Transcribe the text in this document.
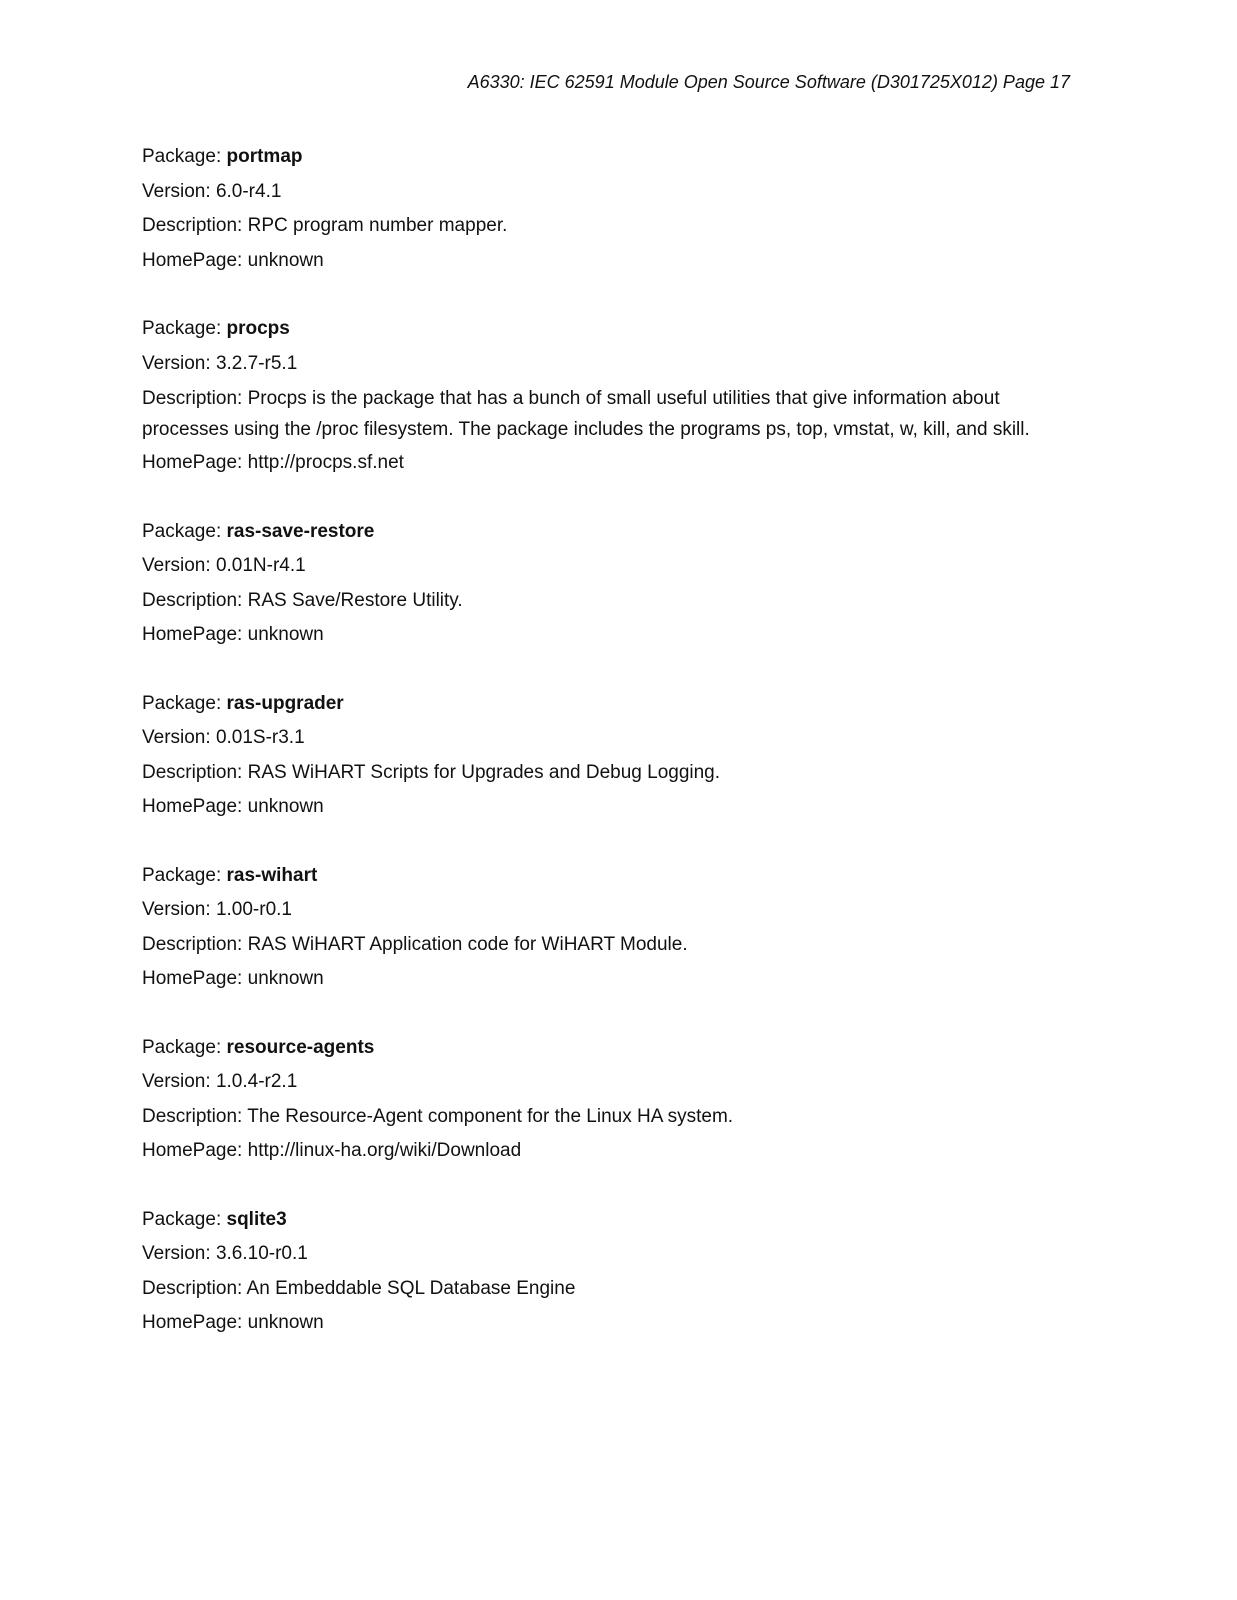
A6330: IEC 62591 Module Open Source Software (D301725X012) Page 17
Package: portmap
Version: 6.0-r4.1
Description: RPC program number mapper.
HomePage: unknown
Package: procps
Version: 3.2.7-r5.1
Description: Procps is the package that has a bunch of small useful utilities that give information about processes using the /proc filesystem. The package includes the programs ps, top, vmstat, w, kill, and skill.
HomePage: http://procps.sf.net
Package: ras-save-restore
Version: 0.01N-r4.1
Description: RAS Save/Restore Utility.
HomePage: unknown
Package: ras-upgrader
Version: 0.01S-r3.1
Description: RAS WiHART Scripts for Upgrades and Debug Logging.
HomePage: unknown
Package: ras-wihart
Version: 1.00-r0.1
Description: RAS WiHART Application code for WiHART Module.
HomePage: unknown
Package: resource-agents
Version: 1.0.4-r2.1
Description: The Resource-Agent component for the Linux HA system.
HomePage: http://linux-ha.org/wiki/Download
Package: sqlite3
Version: 3.6.10-r0.1
Description: An Embeddable SQL Database Engine
HomePage: unknown
